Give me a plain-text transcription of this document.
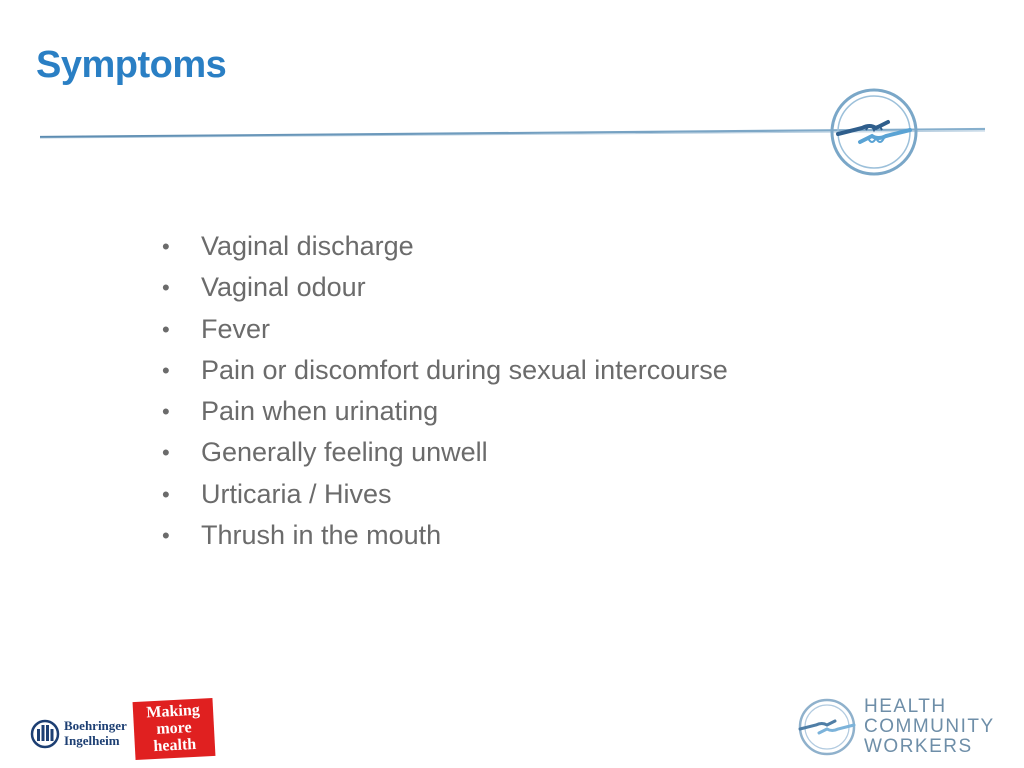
Symptoms
• Vaginal discharge
• Vaginal odour
• Fever
• Pain or discomfort during sexual intercourse
• Pain when urinating
• Generally feeling unwell
• Urticaria / Hives
• Thrush in the mouth
Boehringer
Ingelheim
Making
more
health
HEALTH
COMMUNITY
WORKERS
